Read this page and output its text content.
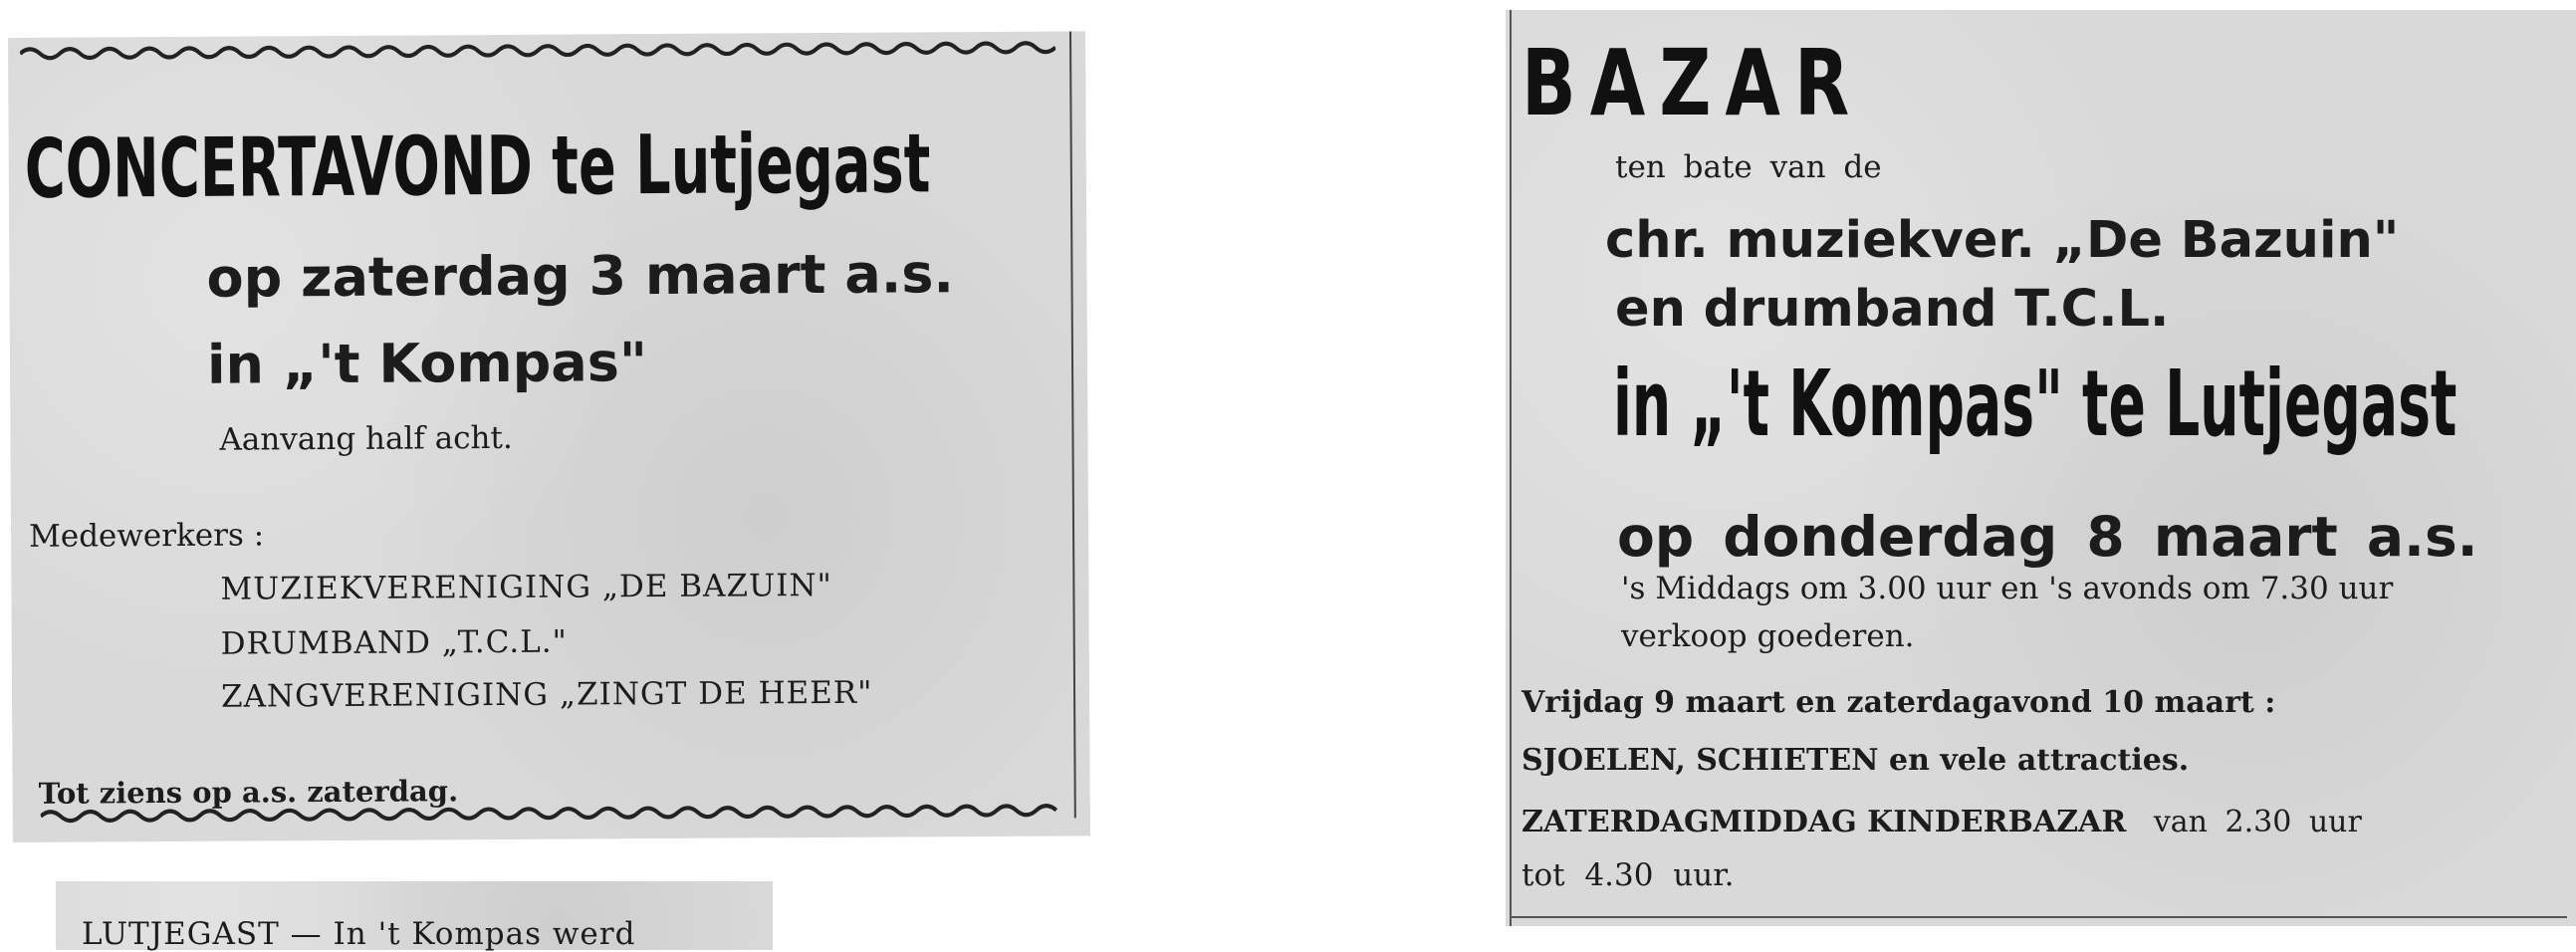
CONCERTAVOND te Lutjegast
op zaterdag 3 maart a.s.
in „'t Kompas"
Aanvang half acht.
Medewerkers :
MUZIEKVERENIGING „DE BAZUIN"
DRUMBAND „T.C.L."
ZANGVERENIGING „ZINGT DE HEER"
Tot ziens op a.s. zaterdag.
LUTJEGAST — In 't Kompas werd
BAZAR
ten bate van de
chr. muziekver. „De Bazuin"
en drumband T.C.L.
in „'t Kompas" te Lutjegast
op donderdag 8 maart a.s.
's Middags om 3.00 uur en 's avonds om 7.30 uur
verkoop goederen.
Vrijdag 9 maart en zaterdagavond 10 maart :
SJOELEN, SCHIETEN en vele attracties.
ZATERDAGMIDDAG KINDERBAZAR van 2.30 uur
tot 4.30 uur.
